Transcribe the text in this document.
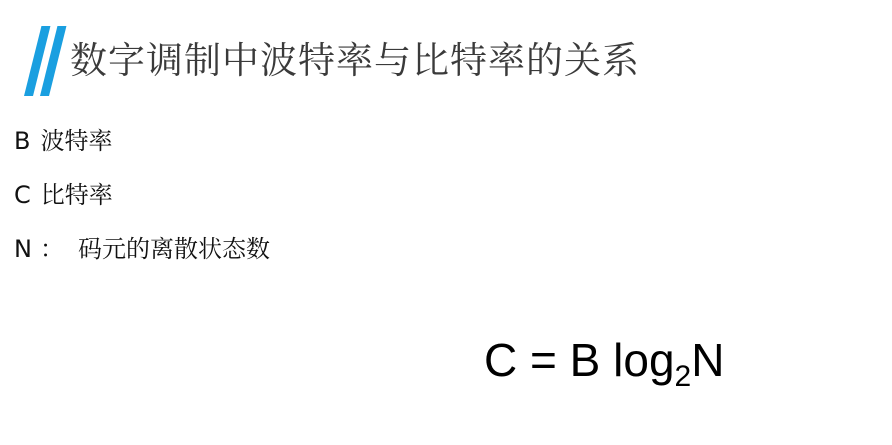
数字调制中波特率与比特率的关系
B 波特率
C 比特率
N ： 码元的离散状态数
C = B $\log_2N$
